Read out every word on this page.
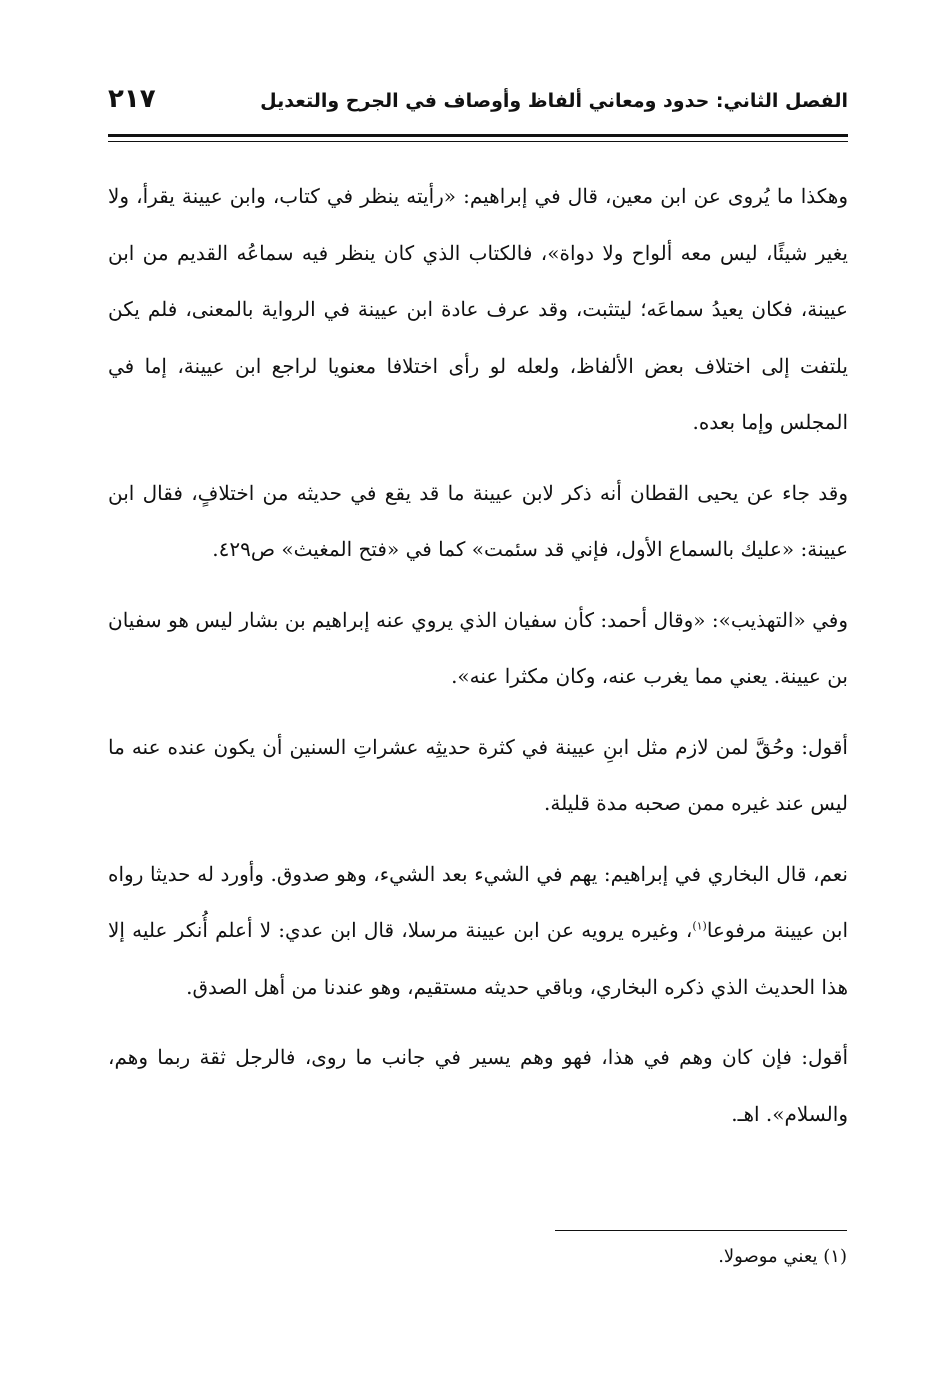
الفصل الثاني: حدود ومعاني ألفاظ وأوصاف في الجرح والتعديل
٢١٧

وهكذا ما يُروى عن ابن معين، قال في إبراهيم: «رأيته ينظر في كتاب، وابن عيينة يقرأ، ولا يغير شيئًا، ليس معه ألواح ولا دواة»، فالكتاب الذي كان ينظر فيه سماعُه القديم من ابن عيينة، فكان يعيدُ سماعَه؛ ليتثبت، وقد عرف عادة ابن عيينة في الرواية بالمعنى، فلم يكن يلتفت إلى اختلاف بعض الألفاظ، ولعله لو رأى اختلافا معنويا لراجع ابن عيينة، إما في المجلس وإما بعده.

وقد جاء عن يحيى القطان أنه ذكر لابن عيينة ما قد يقع في حديثه من اختلافٍ، فقال ابن عيينة: «عليك بالسماع الأول، فإني قد سئمت» كما في «فتح المغيث» ص٤٢٩.

وفي «التهذيب»: «وقال أحمد: كأن سفيان الذي يروي عنه إبراهيم بن بشار ليس هو سفيان بن عيينة. يعني مما يغرب عنه، وكان مكثرا عنه».

أقول: وحُقَّ لمن لازم مثل ابنِ عيينة في كثرة حديثِه عشراتِ السنين أن يكون عنده عنه ما ليس عند غيره ممن صحبه مدة قليلة.

نعم، قال البخاري في إبراهيم: يهم في الشيء بعد الشيء، وهو صدوق. وأورد له حديثا رواه ابن عيينة مرفوعا$^{(١)}$، وغيره يرويه عن ابن عيينة مرسلا، قال ابن عدي: لا أعلم أُنكر عليه إلا هذا الحديث الذي ذكره البخاري، وباقي حديثه مستقيم، وهو عندنا من أهل الصدق.

أقول: فإن كان وهم في هذا، فهو وهم يسير في جانب ما روى، فالرجل ثقة ربما وهم، والسلام». اهـ.

(١) يعني موصولا.
